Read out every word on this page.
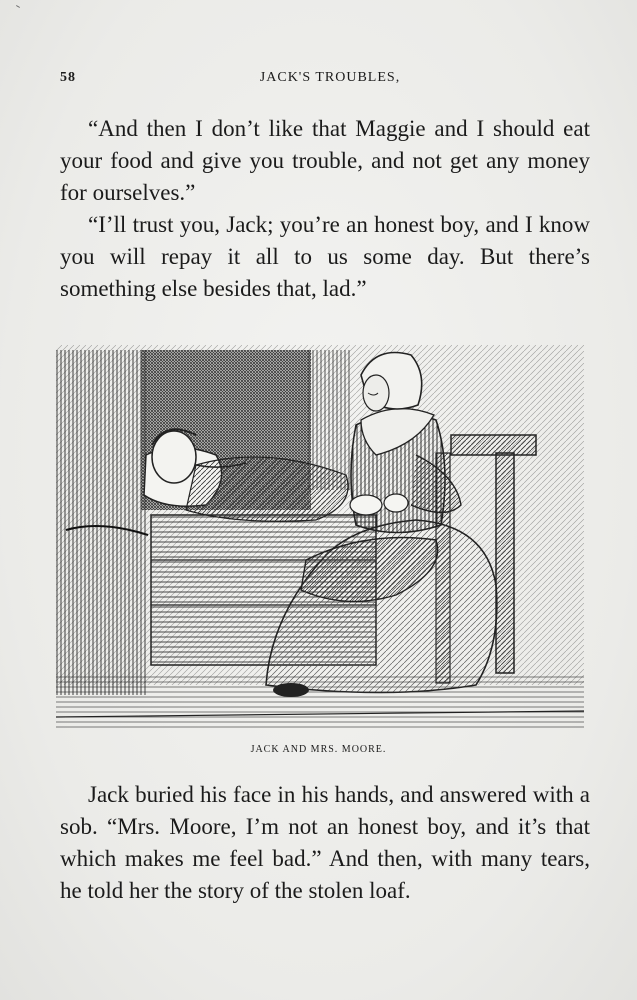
58	JACK'S TROUBLES,

“And then I don’t like that Maggie and I should eat your food and give you trouble, and not get any money for ourselves.”

“I’ll trust you, Jack; you’re an honest boy, and I know you will repay it all to us some day. But there’s something else besides that, lad.”

JACK AND MRS. MOORE.

Jack buried his face in his hands, and answered with a sob. “Mrs. Moore, I’m not an honest boy, and it’s that which makes me feel bad.” And then, with many tears, he told her the story of the stolen loaf.
